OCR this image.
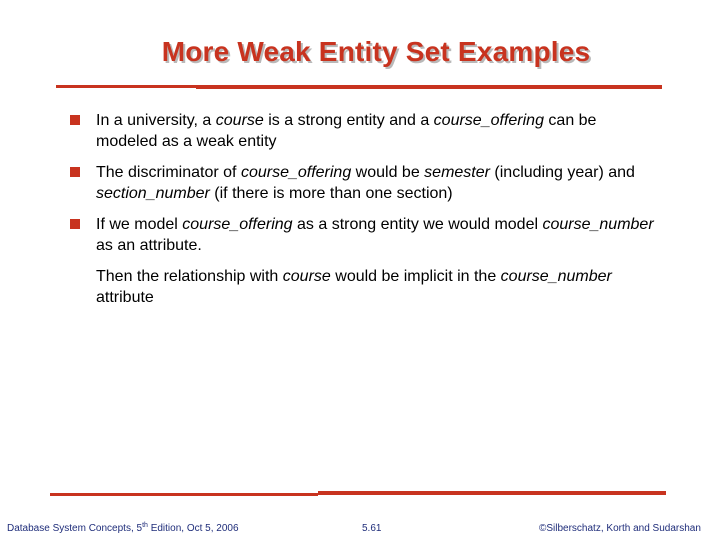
More Weak Entity Set Examples
In a university, a course is a strong entity and a course_offering can be modeled as a weak entity
The discriminator of course_offering would be semester (including year) and section_number (if there is more than one section)
If we model course_offering as a strong entity we would model course_number as an attribute.
Then the relationship with course would be implicit in the course_number attribute
Database System Concepts, 5th Edition, Oct 5, 2006	5.61	©Silberschatz, Korth and Sudarshan
